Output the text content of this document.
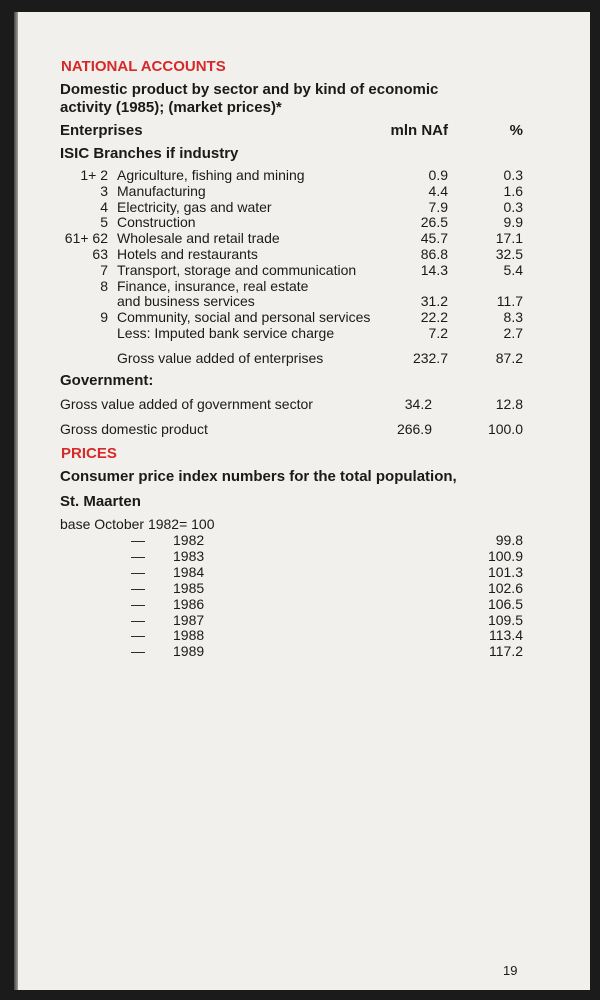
NATIONAL ACCOUNTS
Domestic product by sector and by kind of economic
activity (1985); (market prices)*
Enterprises	mln NAf	%
ISIC Branches if industry
1+ 2 Agriculture, fishing and mining	0.9	0.3
3 Manufacturing	4.4	1.6
4 Electricity, gas and water	7.9	0.3
5 Construction	26.5	9.9
61+ 62 Wholesale and retail trade	45.7	17.1
63 Hotels and restaurants	86.8	32.5
7 Transport, storage and communication	14.3	5.4
8 Finance, insurance, real estate
and business services	31.2	11.7
9 Community, social and personal services	22.2	8.3
Less: Imputed bank service charge	7.2	2.7
Gross value added of enterprises	232.7	87.2
Government:
Gross value added of government sector	34.2	12.8
Gross domestic product	266.9	100.0
PRICES
Consumer price index numbers for the total population,
St. Maarten
base October 1982= 100
— 1982	99.8
— 1983	100.9
— 1984	101.3
— 1985	102.6
— 1986	106.5
— 1987	109.5
— 1988	113.4
— 1989	117.2
19
